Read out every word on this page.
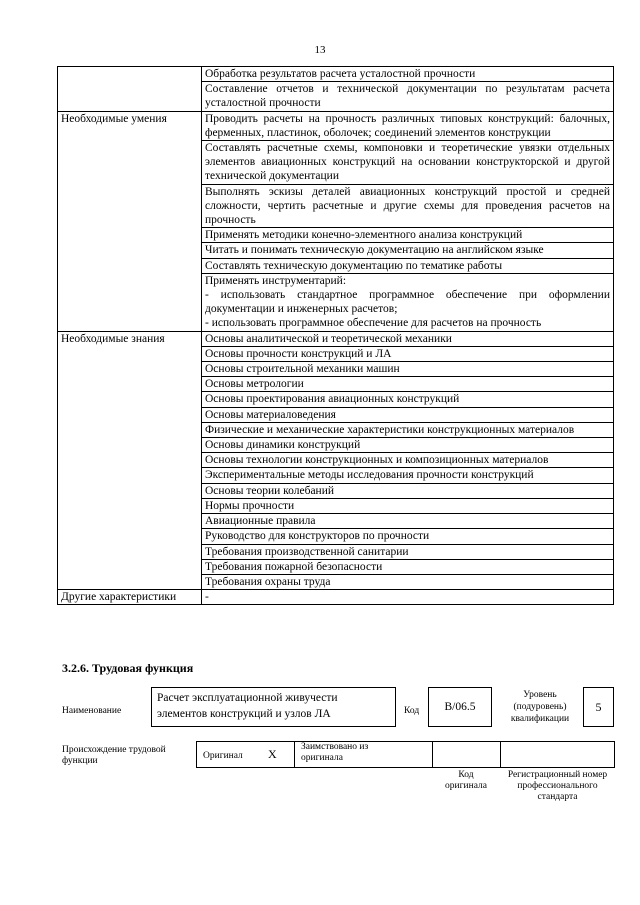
13
	Обработка результатов расчета усталостной прочности
	Составление отчетов и технической документации по результатам расчета усталостной прочности
Необходимые умения	Проводить расчеты на прочность различных типовых конструкций: балочных, ферменных, пластинок, оболочек; соединений элементов конструкции
	Составлять расчетные схемы, компоновки и теоретические увязки отдельных элементов авиационных конструкций на основании конструкторской и другой технической документации
	Выполнять эскизы деталей авиационных конструкций простой и средней сложности, чертить расчетные и другие схемы для проведения расчетов на прочность
	Применять методики конечно-элементного анализа конструкций
	Читать и понимать техническую документацию на английском языке
	Составлять техническую документацию по тематике работы
	Применять инструментарий:
- использовать стандартное программное обеспечение при оформлении документации и инженерных расчетов;
- использовать программное обеспечение для расчетов на прочность
Необходимые знания	Основы аналитической и теоретической механики
	Основы прочности конструкций и ЛА
	Основы строительной механики машин
	Основы метрологии
	Основы проектирования авиационных конструкций
	Основы материаловедения
	Физические и механические характеристики конструкционных материалов
	Основы динамики конструкций
	Основы технологии конструкционных и композиционных материалов
	Экспериментальные методы исследования прочности конструкций
	Основы теории колебаний
	Нормы прочности
	Авиационные правила
	Руководство для конструкторов по прочности
	Требования производственной санитарии
	Требования пожарной безопасности
	Требования охраны труда
Другие характеристики	-
3.2.6. Трудовая функция
Наименование
Расчет эксплуатационной живучести элементов конструкций и узлов ЛА	Код	B/06.5
Уровень (подуровень) квалификации
5
Происхождение трудовой функции	Оригинал X	Заимствовано из оригинала
Код оригинала
Регистрационный номер профессионального стандарта
